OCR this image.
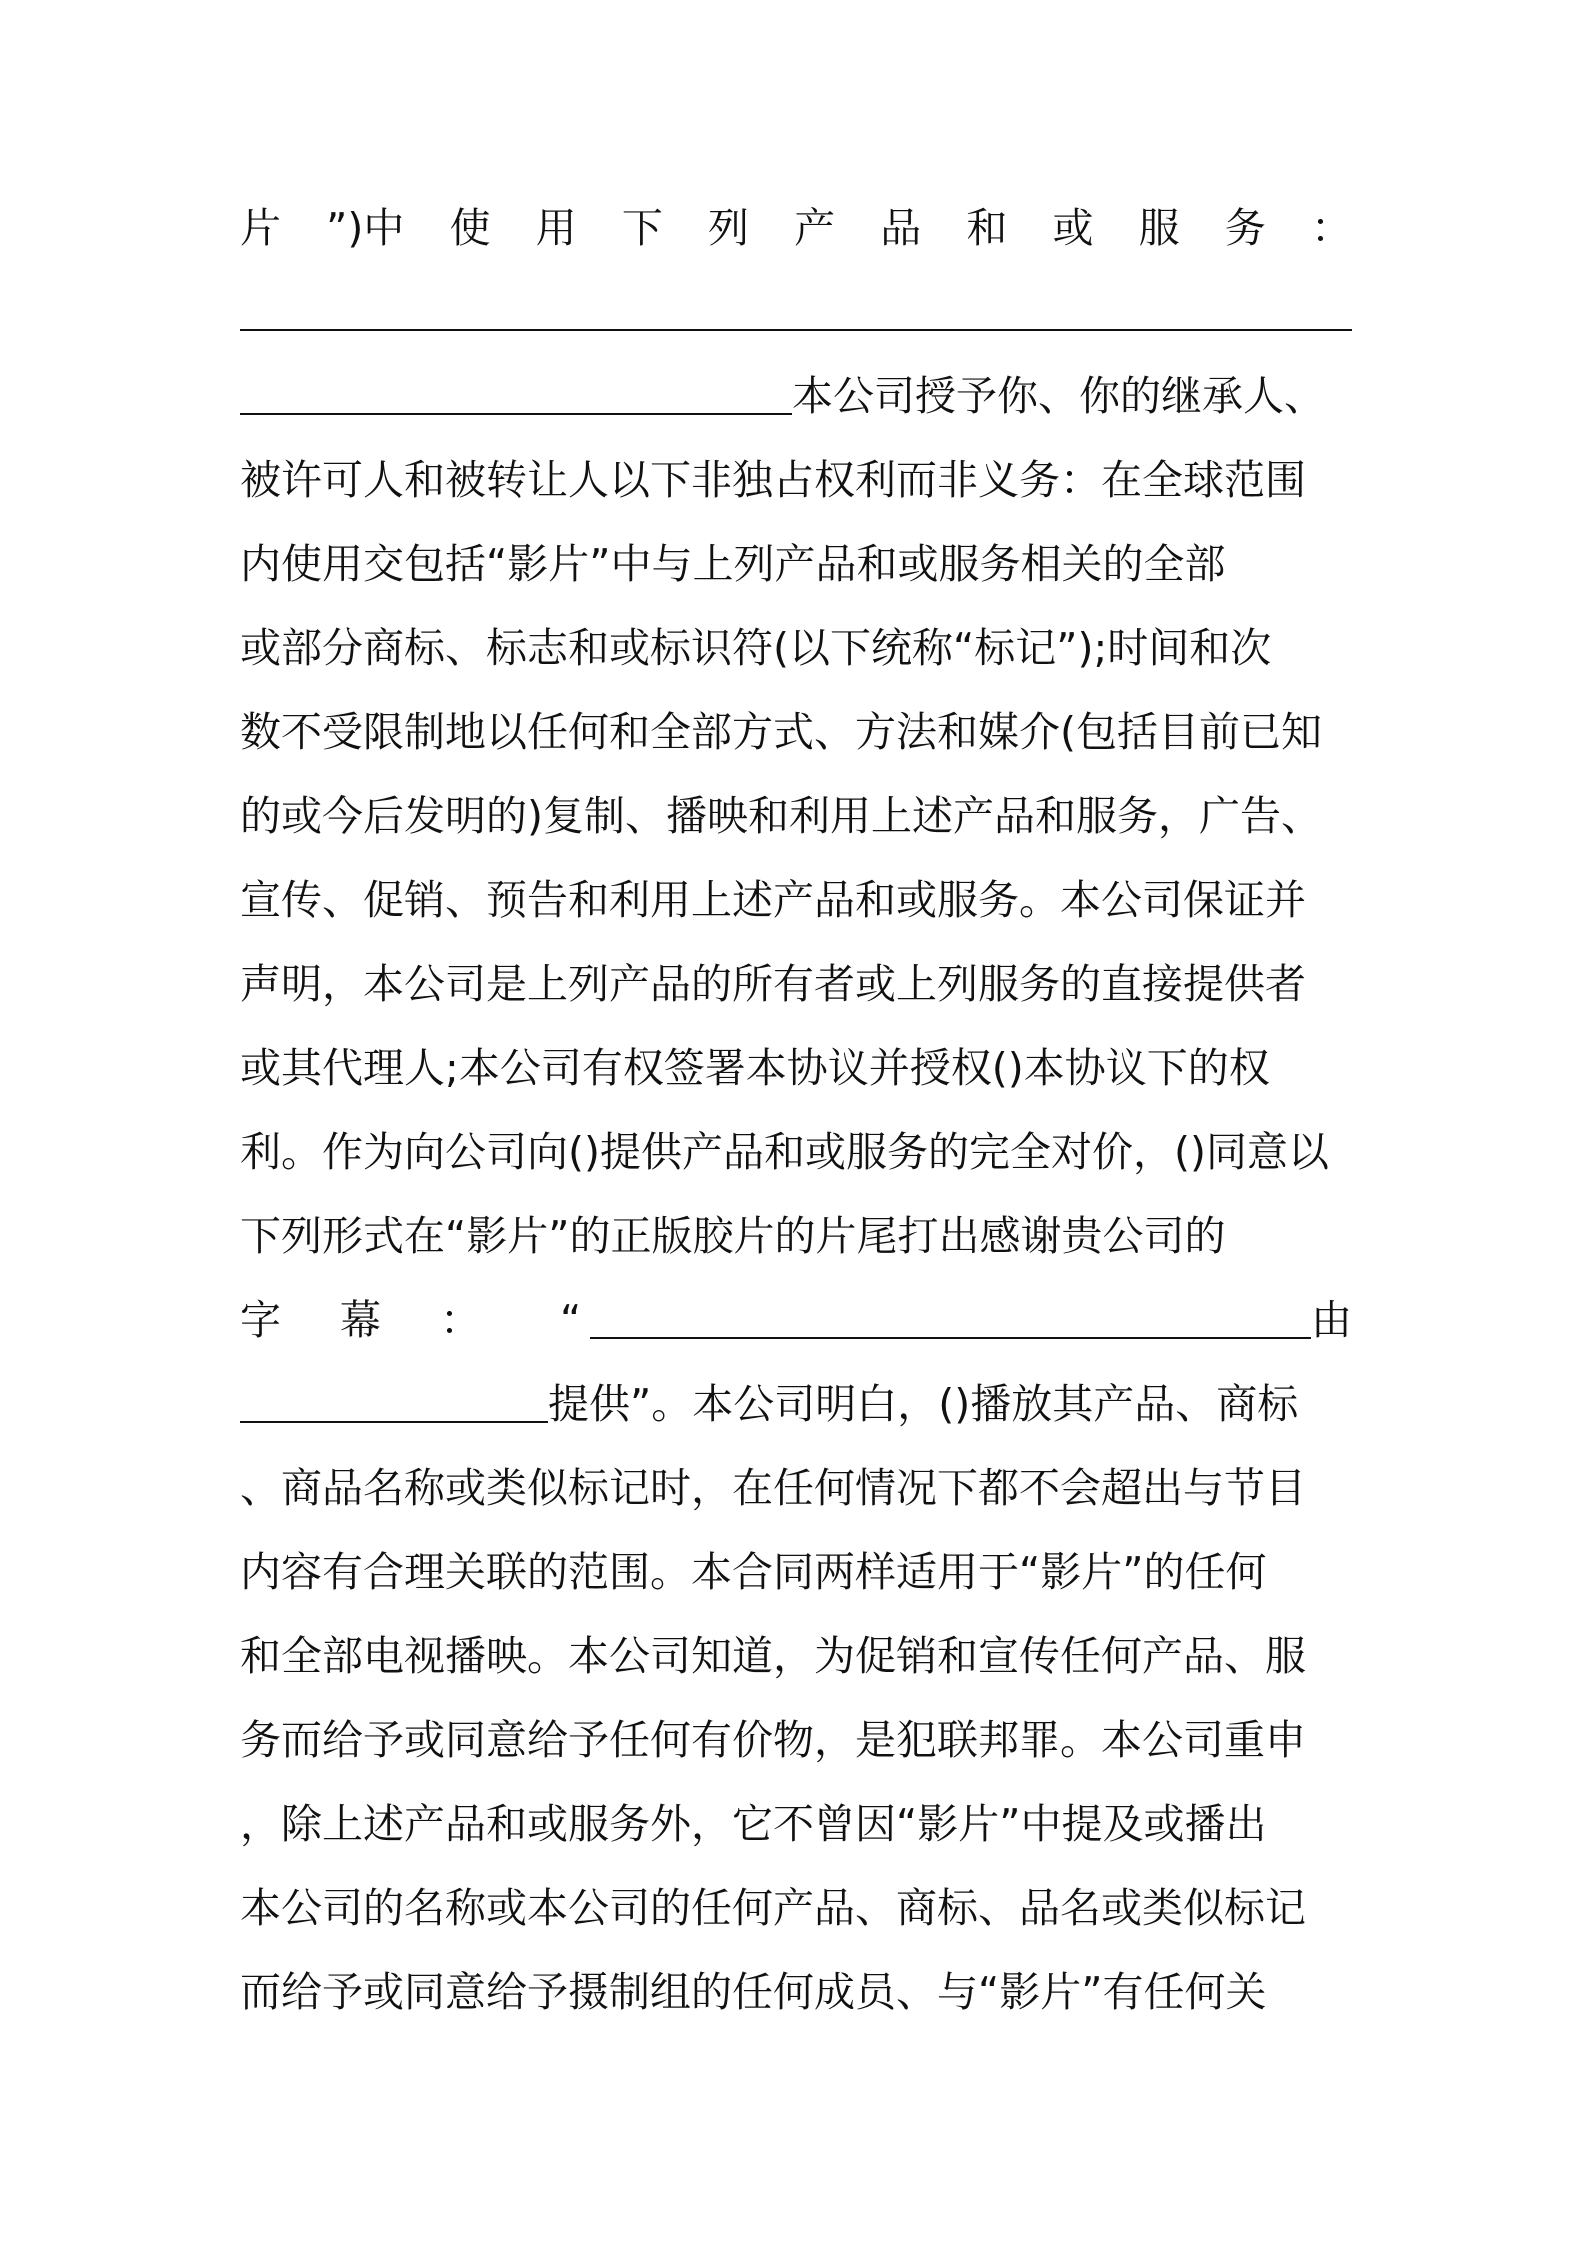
片 ”)中 使 用 下 列 产 品 和 或 服 务 ：
本公司授予你、你的继承人、
被许可人和被转让人以下非独占权利而非义务：在全球范围
内使用交包括“影片”中与上列产品和或服务相关的全部
或部分商标、标志和或标识符(以下统称“标记”);时间和次
数不受限制地以任何和全部方式、方法和媒介(包括目前已知
的或今后发明的)复制、播映和利用上述产品和服务，广告、
宣传、促销、预告和利用上述产品和或服务。本公司保证并
声明，本公司是上列产品的所有者或上列服务的直接提供者
或其代理人;本公司有权签署本协议并授权()本协议下的权
利。作为向公司向()提供产品和或服务的完全对价，()同意以
下列形式在“影片”的正版胶片的片尾打出感谢贵公司的
字	幕	：	“	由
提供”。本公司明白，()播放其产品、商标
、商品名称或类似标记时，在任何情况下都不会超出与节目
内容有合理关联的范围。本合同两样适用于“影片”的任何
和全部电视播映。本公司知道，为促销和宣传任何产品、服
务而给予或同意给予任何有价物，是犯联邦罪。本公司重申
，除上述产品和或服务外，它不曾因“影片”中提及或播出
本公司的名称或本公司的任何产品、商标、品名或类似标记
而给予或同意给予摄制组的任何成员、与“影片”有任何关
